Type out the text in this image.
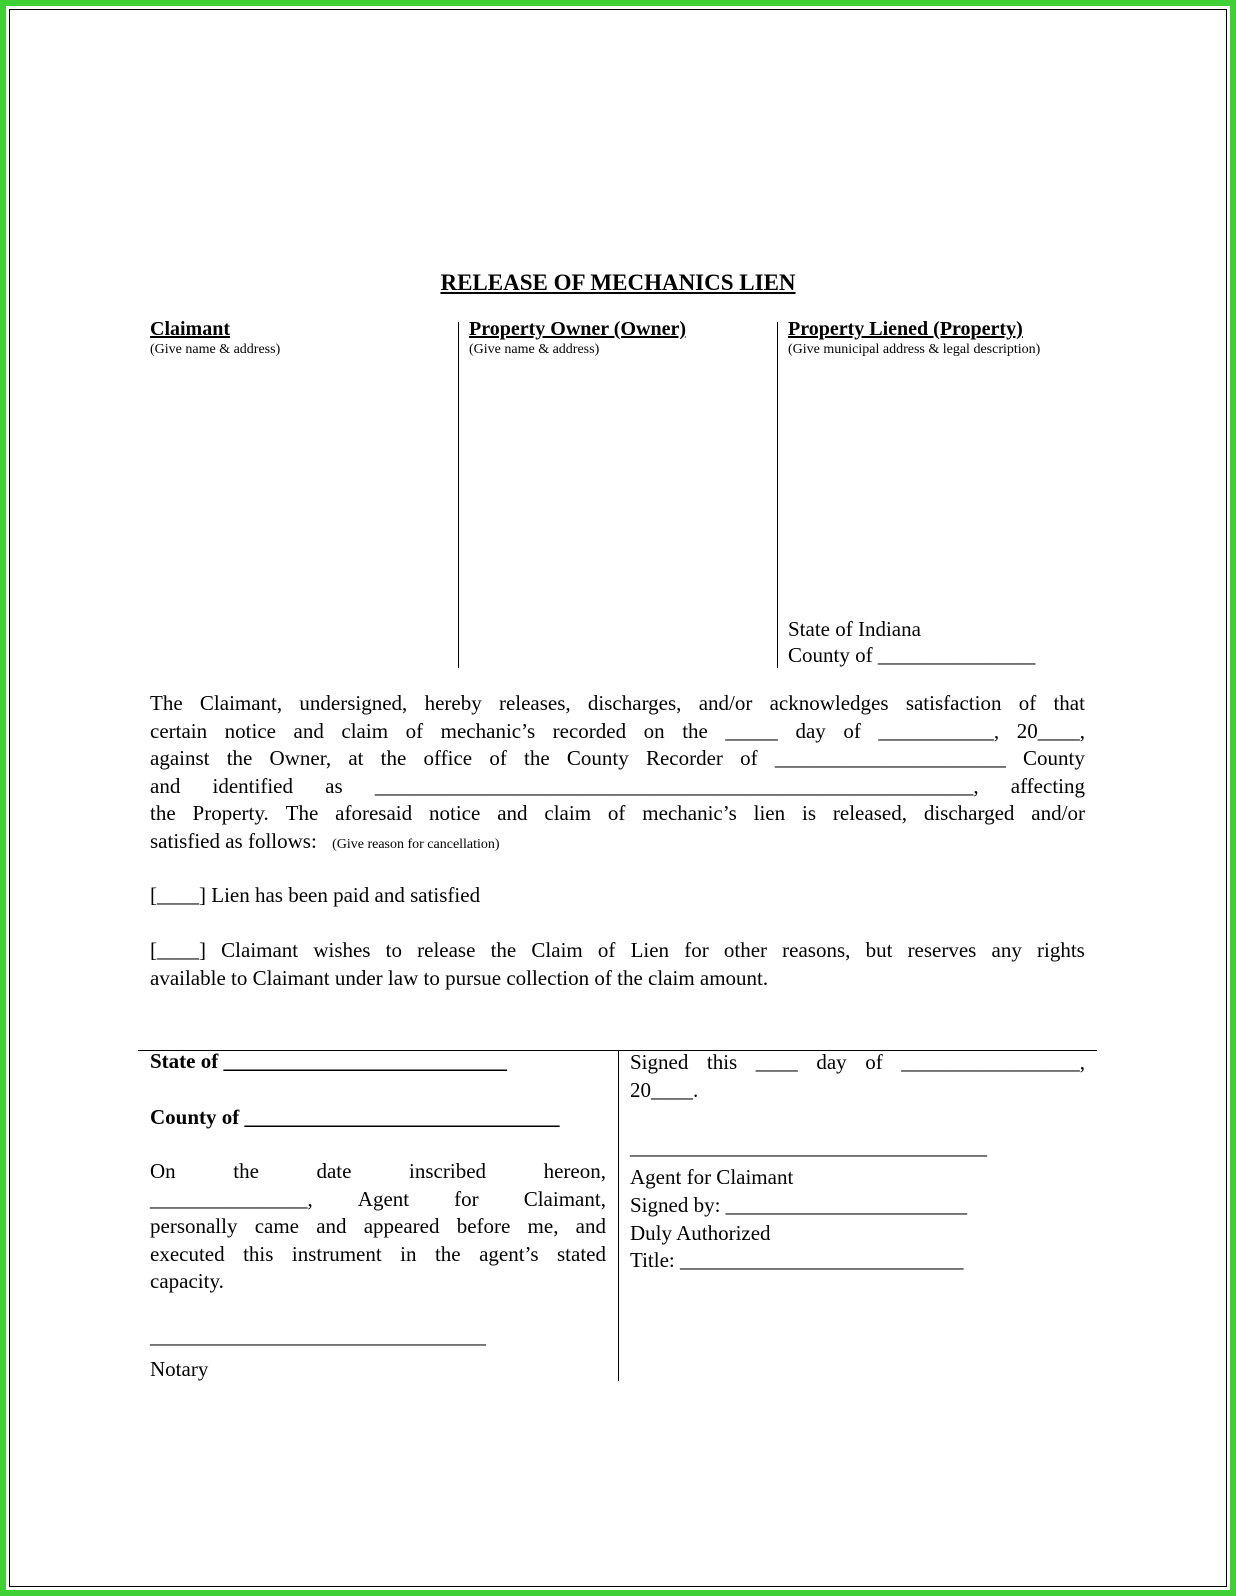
RELEASE OF MECHANICS LIEN
Claimant
(Give name & address)
Property Owner (Owner)
(Give name & address)
Property Liened (Property)
(Give municipal address & legal description)
State of Indiana
County of _______________
The Claimant, undersigned, hereby releases, discharges, and/or acknowledges satisfaction of that
certain notice and claim of mechanic’s recorded on the _____ day of ___________, 20____,
against the Owner, at the office of the County Recorder of ______________________ County
and identified as _________________________________________________________, affecting
the Property. The aforesaid notice and claim of mechanic’s lien is released, discharged and/or
satisfied as follows: (Give reason for cancellation)
[____] Lien has been paid and satisfied
[____] Claimant wishes to release the Claim of Lien for other reasons, but reserves any rights
available to Claimant under law to pursue collection of the claim amount.
State of ___________________________
County of ______________________________
On	the	date	inscribed	hereon,
_______________, Agent for Claimant,
personally came and appeared before me, and
executed this instrument in the agent’s stated
capacity.
________________________________
Notary
Signed this ____ day of _________________,
20____.
__________________________________
Agent for Claimant
Signed by: _______________________
Duly Authorized
Title: ___________________________
